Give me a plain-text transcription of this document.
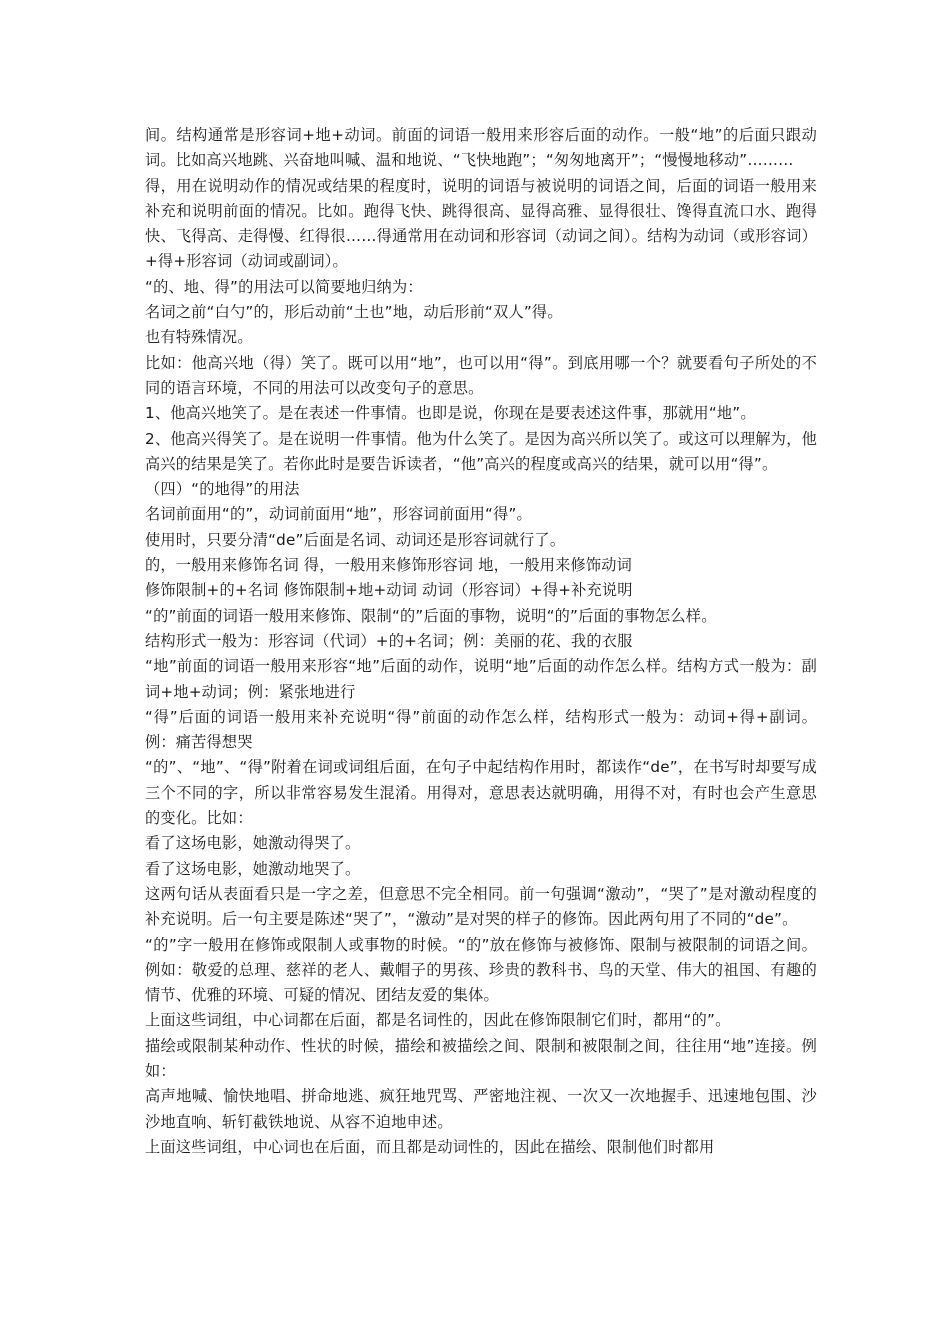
间。结构通常是形容词+地+动词。前面的词语一般用来形容后面的动作。一般“地”的后面只跟动词。比如高兴地跳、兴奋地叫喊、温和地说、“飞快地跑”；“匆匆地离开”；“慢慢地移动”………

得，用在说明动作的情况或结果的程度时，说明的词语与被说明的词语之间，后面的词语一般用来补充和说明前面的情况。比如。跑得飞快、跳得很高、显得高雅、显得很壮、馋得直流口水、跑得快、飞得高、走得慢、红得很……得通常用在动词和形容词（动词之间）。结构为动词（或形容词）+得+形容词（动词或副词）。

“的、地、得”的用法可以简要地归纳为：

名词之前“白勺”的，形后动前“土也”地，动后形前“双人”得。

也有特殊情况。

比如：他高兴地（得）笑了。既可以用“地”，也可以用“得”。到底用哪一个？就要看句子所处的不同的语言环境，不同的用法可以改变句子的意思。

1、他高兴地笑了。是在表述一件事情。也即是说，你现在是要表述这件事，那就用“地”。

2、他高兴得笑了。是在说明一件事情。他为什么笑了。是因为高兴所以笑了。或这可以理解为，他高兴的结果是笑了。若你此时是要告诉读者，“他”高兴的程度或高兴的结果，就可以用“得”。

（四）“的地得”的用法

名词前面用“的”，动词前面用“地”，形容词前面用“得”。

使用时，只要分清“de”后面是名词、动词还是形容词就行了。

的，一般用来修饰名词 得，一般用来修饰形容词 地，一般用来修饰动词

修饰限制+的+名词 修饰限制+地+动词 动词（形容词）+得+补充说明

“的”前面的词语一般用来修饰、限制“的”后面的事物，说明“的”后面的事物怎么样。

结构形式一般为：形容词（代词）+的+名词；例：美丽的花、我的衣服

“地”前面的词语一般用来形容“地”后面的动作，说明“地”后面的动作怎么样。结构方式一般为：副词+地+动词；例：紧张地进行

“得”后面的词语一般用来补充说明“得”前面的动作怎么样，结构形式一般为：动词+得+副词。 例：痛苦得想哭

“的”、“地”、“得”附着在词或词组后面，在句子中起结构作用时，都读作“de”，在书写时却要写成三个不同的字，所以非常容易发生混淆。用得对，意思表达就明确，用得不对，有时也会产生意思的变化。比如：

看了这场电影，她激动得哭了。

看了这场电影，她激动地哭了。

这两句话从表面看只是一字之差，但意思不完全相同。前一句强调“激动”，“哭了”是对激动程度的补充说明。后一句主要是陈述“哭了”，“激动”是对哭的样子的修饰。因此两句用了不同的“de”。

“的”字一般用在修饰或限制人或事物的时候。“的”放在修饰与被修饰、限制与被限制的词语之间。例如：敬爱的总理、慈祥的老人、戴帽子的男孩、珍贵的教科书、鸟的天堂、伟大的祖国、有趣的情节、优雅的环境、可疑的情况、团结友爱的集体。

上面这些词组，中心词都在后面，都是名词性的，因此在修饰限制它们时，都用“的”。

描绘或限制某种动作、性状的时候，描绘和被描绘之间、限制和被限制之间，往往用“地”连接。例如：

高声地喊、愉快地唱、拼命地逃、疯狂地咒骂、严密地注视、一次又一次地握手、迅速地包围、沙沙地直响、斩钉截铁地说、从容不迫地申述。

上面这些词组，中心词也在后面，而且都是动词性的，因此在描绘、限制他们时都用
